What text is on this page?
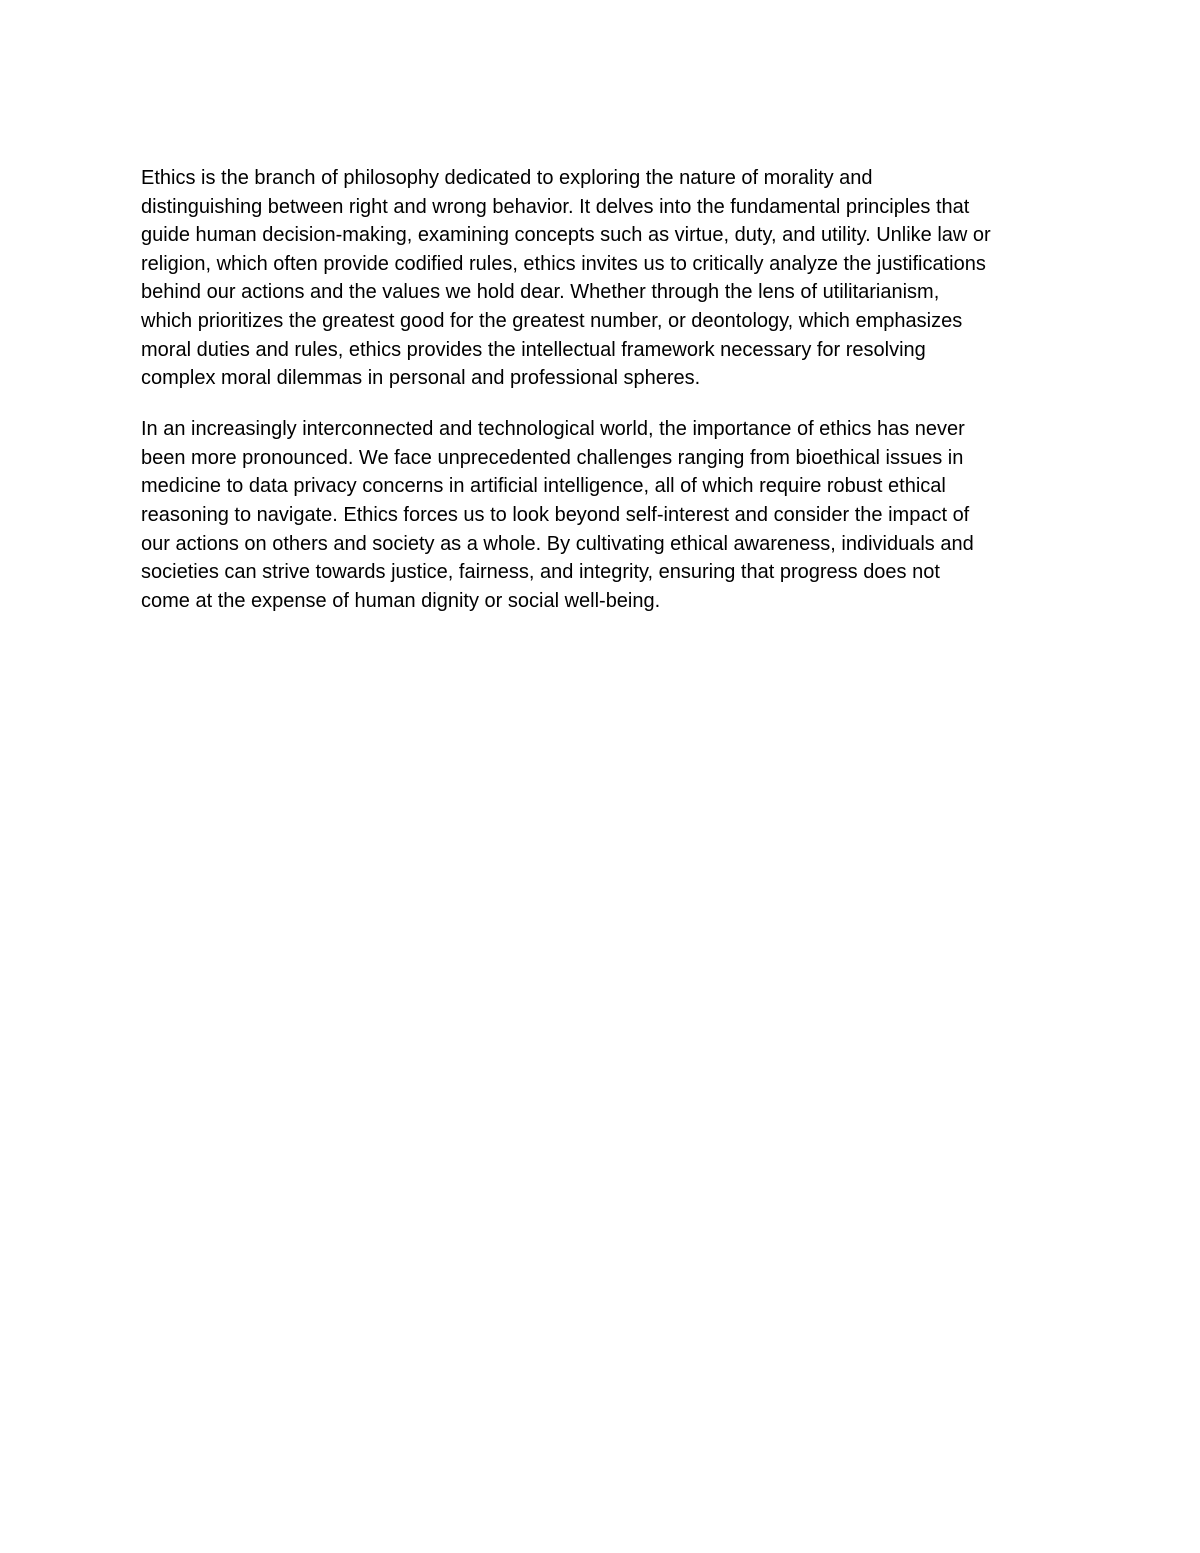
Ethics is the branch of philosophy dedicated to exploring the nature of morality and
distinguishing between right and wrong behavior. It delves into the fundamental principles that
guide human decision-making, examining concepts such as virtue, duty, and utility. Unlike law or
religion, which often provide codified rules, ethics invites us to critically analyze the justifications
behind our actions and the values we hold dear. Whether through the lens of utilitarianism,
which prioritizes the greatest good for the greatest number, or deontology, which emphasizes
moral duties and rules, ethics provides the intellectual framework necessary for resolving
complex moral dilemmas in personal and professional spheres.

In an increasingly interconnected and technological world, the importance of ethics has never
been more pronounced. We face unprecedented challenges ranging from bioethical issues in
medicine to data privacy concerns in artificial intelligence, all of which require robust ethical
reasoning to navigate. Ethics forces us to look beyond self-interest and consider the impact of
our actions on others and society as a whole. By cultivating ethical awareness, individuals and
societies can strive towards justice, fairness, and integrity, ensuring that progress does not
come at the expense of human dignity or social well-being.
